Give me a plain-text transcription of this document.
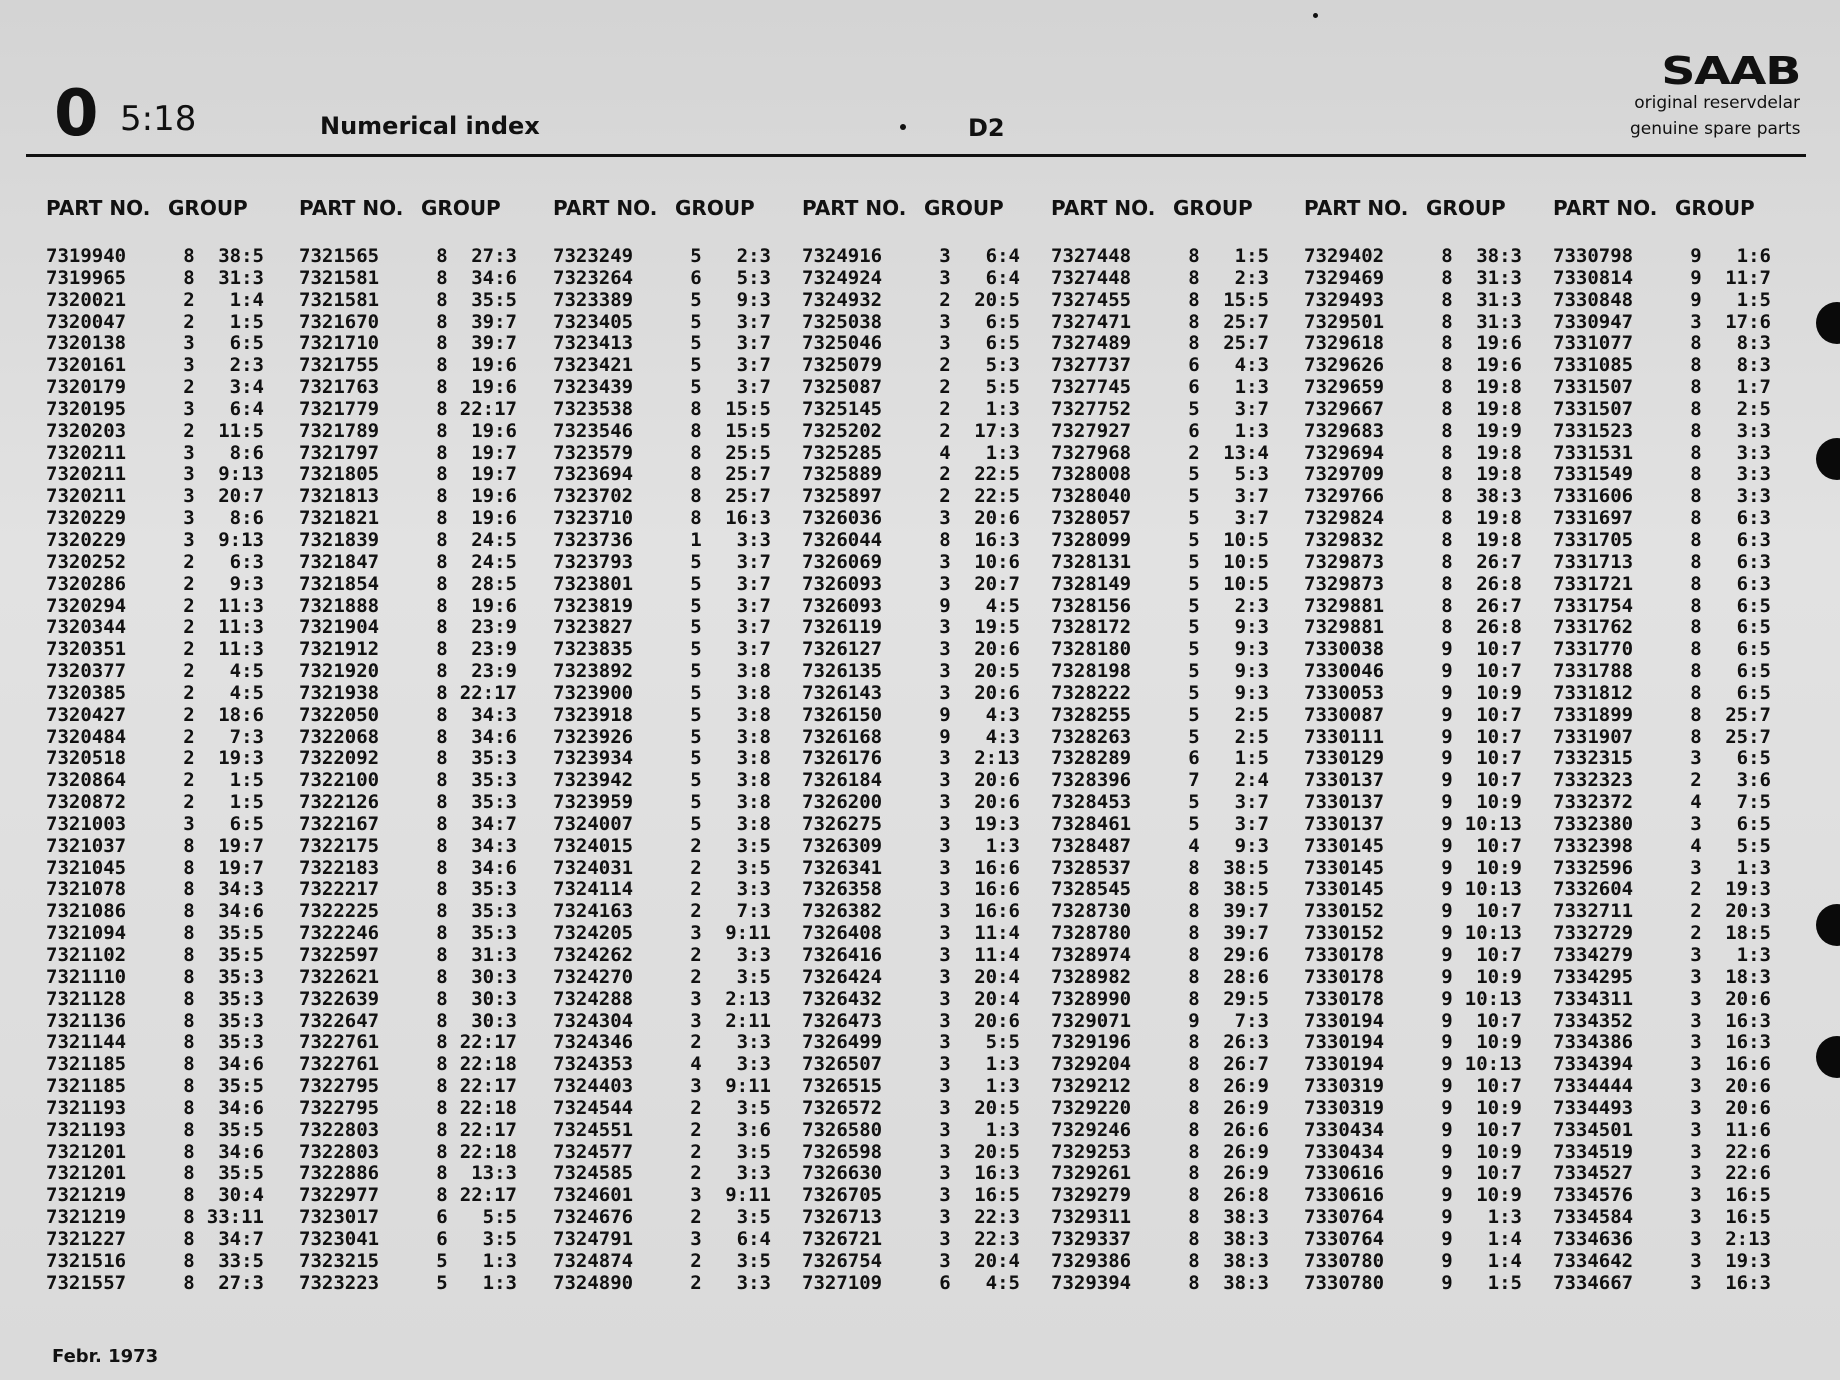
0 5:18	Numerical index	D2
SAAB
original reservdelar
genuine spare parts
PART NO. GROUP
7319940	8	38:5
7319965	8	31:3
7320021	2	1:4
7320047	2	1:5
7320138	3	6:5
7320161	3	2:3
7320179	2	3:4
7320195	3	6:4
7320203	2	11:5
7320211	3	8:6
7320211	3	9:13
7320211	3	20:7
7320229	3	8:6
7320229	3	9:13
7320252	2	6:3
7320286	2	9:3
7320294	2	11:3
7320344	2	11:3
7320351	2	11:3
7320377	2	4:5
7320385	2	4:5
7320427	2	18:6
7320484	2	7:3
7320518	2	19:3
7320864	2	1:5
7320872	2	1:5
7321003	3	6:5
7321037	8	19:7
7321045	8	19:7
7321078	8	34:3
7321086	8	34:6
7321094	8	35:5
7321102	8	35:5
7321110	8	35:3
7321128	8	35:3
7321136	8	35:3
7321144	8	35:3
7321185	8	34:6
7321185	8	35:5
7321193	8	34:6
7321193	8	35:5
7321201	8	34:6
7321201	8	35:5
7321219	8	30:4
7321219	8 33:11
7321227	8	34:7
7321516	8	33:5
7321557	8	27:3
PART NO. GROUP
7321565	8	27:3
7321581	8	34:6
7321581	8	35:5
7321670	8	39:7
7321710	8	39:7
7321755	8	19:6
7321763	8	19:6
7321779	8 22:17
7321789	8	19:6
7321797	8	19:7
7321805	8	19:7
7321813	8	19:6
7321821	8	19:6
7321839	8	24:5
7321847	8	24:5
7321854	8	28:5
7321888	8	19:6
7321904	8	23:9
7321912	8	23:9
7321920	8	23:9
7321938	8 22:17
7322050	8	34:3
7322068	8	34:6
7322092	8	35:3
7322100	8	35:3
7322126	8	35:3
7322167	8	34:7
7322175	8	34:3
7322183	8	34:6
7322217	8	35:3
7322225	8	35:3
7322246	8	35:3
7322597	8	31:3
7322621	8	30:3
7322639	8	30:3
7322647	8	30:3
7322761	8 22:17
7322761	8 22:18
7322795	8 22:17
7322795	8 22:18
7322803	8 22:17
7322803	8 22:18
7322886	8	13:3
7322977	8 22:17
7323017	6	5:5
7323041	6	3:5
7323215	5	1:3
7323223	5	1:3
PART NO. GROUP
7323249	5	2:3
7323264	6	5:3
7323389	5	9:3
7323405	5	3:7
7323413	5	3:7
7323421	5	3:7
7323439	5	3:7
7323538	8	15:5
7323546	8	15:5
7323579	8	25:5
7323694	8	25:7
7323702	8	25:7
7323710	8	16:3
7323736	1	3:3
7323793	5	3:7
7323801	5	3:7
7323819	5	3:7
7323827	5	3:7
7323835	5	3:7
7323892	5	3:8
7323900	5	3:8
7323918	5	3:8
7323926	5	3:8
7323934	5	3:8
7323942	5	3:8
7323959	5	3:8
7324007	5	3:8
7324015	2	3:5
7324031	2	3:5
7324114	2	3:3
7324163	2	7:3
7324205	3	9:11
7324262	2	3:3
7324270	2	3:5
7324288	3	2:13
7324304	3	2:11
7324346	2	3:3
7324353	4	3:3
7324403	3	9:11
7324544	2	3:5
7324551	2	3:6
7324577	2	3:5
7324585	2	3:3
7324601	3	9:11
7324676	2	3:5
7324791	3	6:4
7324874	2	3:5
7324890	2	3:3
PART NO. GROUP
7324916	3	6:4
7324924	3	6:4
7324932	2	20:5
7325038	3	6:5
7325046	3	6:5
7325079	2	5:3
7325087	2	5:5
7325145	2	1:3
7325202	2	17:3
7325285	4	1:3
7325889	2	22:5
7325897	2	22:5
7326036	3	20:6
7326044	8	16:3
7326069	3	10:6
7326093	3	20:7
7326093	9	4:5
7326119	3	19:5
7326127	3	20:6
7326135	3	20:5
7326143	3	20:6
7326150	9	4:3
7326168	9	4:3
7326176	3	2:13
7326184	3	20:6
7326200	3	20:6
7326275	3	19:3
7326309	3	1:3
7326341	3	16:6
7326358	3	16:6
7326382	3	16:6
7326408	3	11:4
7326416	3	11:4
7326424	3	20:4
7326432	3	20:4
7326473	3	20:6
7326499	3	5:5
7326507	3	1:3
7326515	3	1:3
7326572	3	20:5
7326580	3	1:3
7326598	3	20:5
7326630	3	16:3
7326705	3	16:5
7326713	3	22:3
7326721	3	22:3
7326754	3	20:4
7327109	6	4:5
PART NO. GROUP
7327448	8	1:5
7327448	8	2:3
7327455	8	15:5
7327471	8	25:7
7327489	8	25:7
7327737	6	4:3
7327745	6	1:3
7327752	5	3:7
7327927	6	1:3
7327968	2	13:4
7328008	5	5:3
7328040	5	3:7
7328057	5	3:7
7328099	5	10:5
7328131	5	10:5
7328149	5	10:5
7328156	5	2:3
7328172	5	9:3
7328180	5	9:3
7328198	5	9:3
7328222	5	9:3
7328255	5	2:5
7328263	5	2:5
7328289	6	1:5
7328396	7	2:4
7328453	5	3:7
7328461	5	3:7
7328487	4	9:3
7328537	8	38:5
7328545	8	38:5
7328730	8	39:7
7328780	8	39:7
7328974	8	29:6
7328982	8	28:6
7328990	8	29:5
7329071	9	7:3
7329196	8	26:3
7329204	8	26:7
7329212	8	26:9
7329220	8	26:9
7329246	8	26:6
7329253	8	26:9
7329261	8	26:9
7329279	8	26:8
7329311	8	38:3
7329337	8	38:3
7329386	8	38:3
7329394	8	38:3
PART NO. GROUP
7329402	8	38:3
7329469	8	31:3
7329493	8	31:3
7329501	8	31:3
7329618	8	19:6
7329626	8	19:6
7329659	8	19:8
7329667	8	19:8
7329683	8	19:9
7329694	8	19:8
7329709	8	19:8
7329766	8	38:3
7329824	8	19:8
7329832	8	19:8
7329873	8	26:7
7329873	8	26:8
7329881	8	26:7
7329881	8	26:8
7330038	9	10:7
7330046	9	10:7
7330053	9	10:9
7330087	9	10:7
7330111	9	10:7
7330129	9	10:7
7330137	9	10:7
7330137	9	10:9
7330137	9 10:13
7330145	9	10:7
7330145	9	10:9
7330145	9 10:13
7330152	9	10:7
7330152	9 10:13
7330178	9	10:7
7330178	9	10:9
7330178	9 10:13
7330194	9	10:7
7330194	9	10:9
7330194	9 10:13
7330319	9	10:7
7330319	9	10:9
7330434	9	10:7
7330434	9	10:9
7330616	9	10:7
7330616	9	10:9
7330764	9	1:3
7330764	9	1:4
7330780	9	1:4
7330780	9	1:5
PART NO. GROUP
7330798	9	1:6
7330814	9	11:7
7330848	9	1:5
7330947	3	17:6
7331077	8	8:3
7331085	8	8:3
7331507	8	1:7
7331507	8	2:5
7331523	8	3:3
7331531	8	3:3
7331549	8	3:3
7331606	8	3:3
7331697	8	6:3
7331705	8	6:3
7331713	8	6:3
7331721	8	6:3
7331754	8	6:5
7331762	8	6:5
7331770	8	6:5
7331788	8	6:5
7331812	8	6:5
7331899	8	25:7
7331907	8	25:7
7332315	3	6:5
7332323	2	3:6
7332372	4	7:5
7332380	3	6:5
7332398	4	5:5
7332596	3	1:3
7332604	2	19:3
7332711	2	20:3
7332729	2	18:5
7334279	3	1:3
7334295	3	18:3
7334311	3	20:6
7334352	3	16:3
7334386	3	16:3
7334394	3	16:6
7334444	3	20:6
7334493	3	20:6
7334501	3	11:6
7334519	3	22:6
7334527	3	22:6
7334576	3	16:5
7334584	3	16:5
7334636	3	2:13
7334642	3	19:3
7334667	3	16:3
Febr. 1973
